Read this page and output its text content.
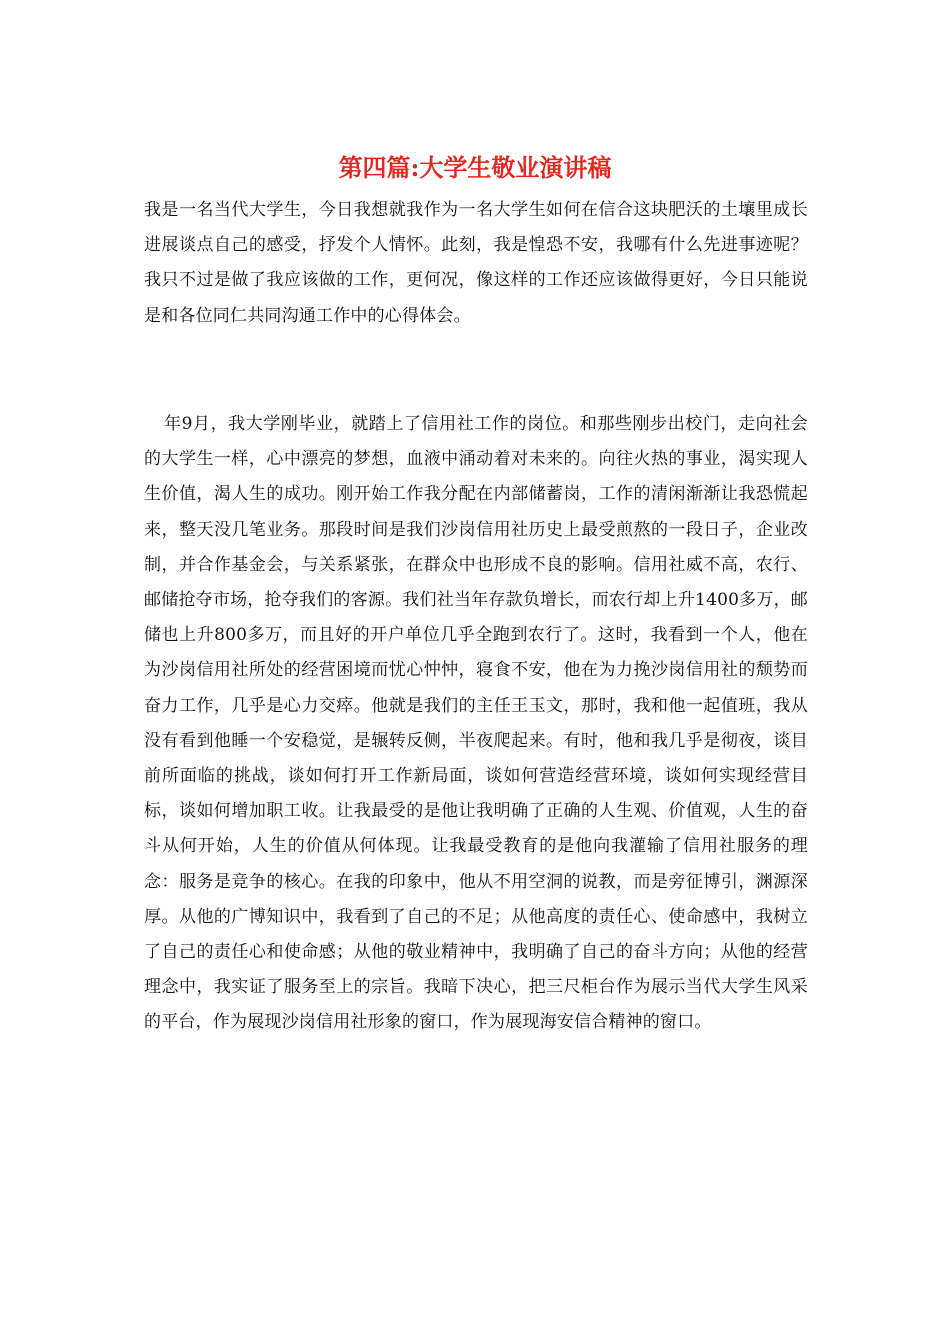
第四篇:大学生敬业演讲稿

我是一名当代大学生，今日我想就我作为一名大学生如何在信合这块肥沃的土壤里成长进展谈点自己的感受，抒发个人情怀。此刻，我是惶恐不安，我哪有什么先进事迹呢？我只不过是做了我应该做的工作，更何况，像这样的工作还应该做得更好，今日只能说是和各位同仁共同沟通工作中的心得体会。

年9月，我大学刚毕业，就踏上了信用社工作的岗位。和那些刚步出校门，走向社会的大学生一样，心中漂亮的梦想，血液中涌动着对未来的。向往火热的事业，渴实现人生价值，渴人生的成功。刚开始工作我分配在内部储蓄岗，工作的清闲渐渐让我恐慌起来，整天没几笔业务。那段时间是我们沙岗信用社历史上最受煎熬的一段日子，企业改制，并合作基金会，与关系紧张，在群众中也形成不良的影响。信用社威不高，农行、邮储抢夺市场，抢夺我们的客源。我们社当年存款负增长，而农行却上升1400多万，邮储也上升800多万，而且好的开户单位几乎全跑到农行了。这时，我看到一个人，他在为沙岗信用社所处的经营困境而忧心忡忡，寝食不安，他在为力挽沙岗信用社的颓势而奋力工作，几乎是心力交瘁。他就是我们的主任王玉文，那时，我和他一起值班，我从没有看到他睡一个安稳觉，是辗转反侧，半夜爬起来。有时，他和我几乎是彻夜，谈目前所面临的挑战，谈如何打开工作新局面，谈如何营造经营环境，谈如何实现经营目标，谈如何增加职工收。让我最受的是他让我明确了正确的人生观、价值观，人生的奋斗从何开始，人生的价值从何体现。让我最受教育的是他向我灌输了信用社服务的理念：服务是竞争的核心。在我的印象中，他从不用空洞的说教，而是旁征博引，渊源深厚。从他的广博知识中，我看到了自己的不足；从他高度的责任心、使命感中，我树立了自己的责任心和使命感；从他的敬业精神中，我明确了自己的奋斗方向；从他的经营理念中，我实证了服务至上的宗旨。我暗下决心，把三尺柜台作为展示当代大学生风采的平台，作为展现沙岗信用社形象的窗口，作为展现海安信合精神的窗口。
